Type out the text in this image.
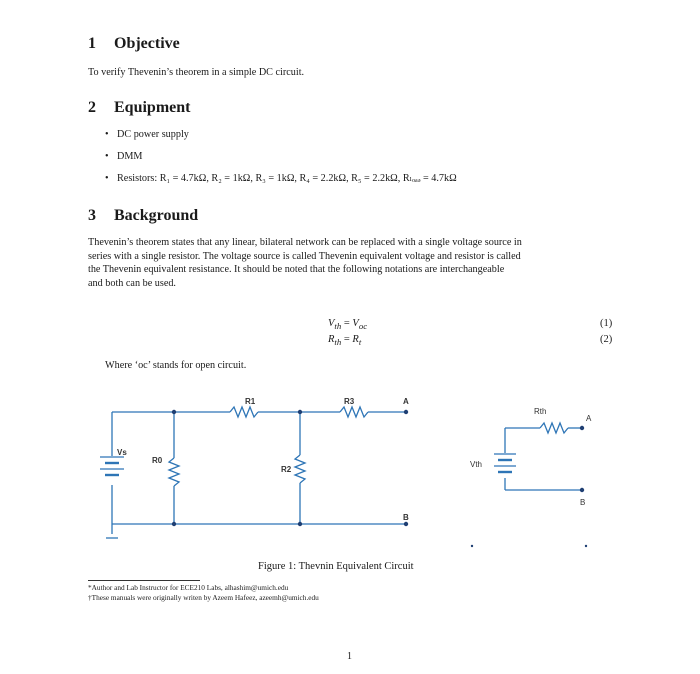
1 Objective
To verify Thevenin’s theorem in a simple DC circuit.
2 Equipment
• DC power supply
• DMM
• Resistors: R₁ = 4.7kΩ, R₂ = 1kΩ, R₃ = 1kΩ, R₄ = 2.2kΩ, R₅ = 2.2kΩ, Rₗₒₐₔ = 4.7kΩ
3 Background
Thevenin’s theorem states that any linear, bilateral network can be replaced with a single voltage source in
series with a single resistor. The voltage source is called Thevenin equivalent voltage and resistor is called
the Thevenin equivalent resistance. It should be noted that the following notations are interchangeable
and both can be used.
$V_{th} = V_{oc}$	(1)
$R_{th} = R_t$	(2)
Where ‘oc’ stands for open circuit.
R1	R3
Vs
R0
R2
A
B
Rth
Vth
A
B
Figure 1: Thevnin Equivalent Circuit
*Author and Lab Instructor for ECE210 Labs, alhashim@umich.edu
†These manuals were originally writen by Azeem Hafeez, azeemh@umich.edu
1
